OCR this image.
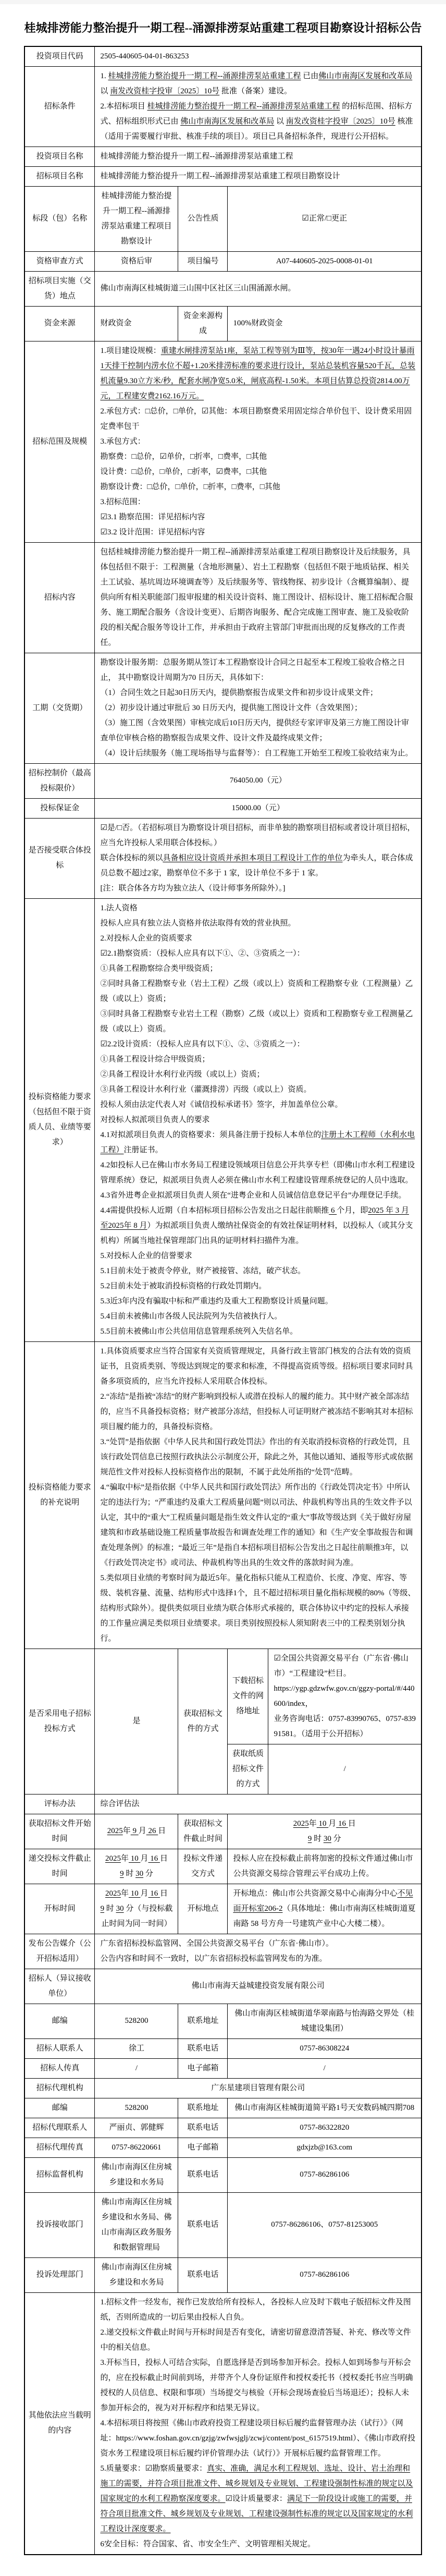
桂城排涝能力整治提升一期工程--涌源排涝泵站重建工程项目勘察设计招标公告
投资项目代码	2505-440605-04-01-863253			
招标条件	1. 桂城排涝能力整治提升一期工程--涌源排涝泵站重建工程 已由佛山市南海区发展和改革局 以 南发改资桂字投审〔2025〕10号 批准（备案）建设。
2.本招标项目 桂城排涝能力整治提升一期工程--涌源排涝泵站重建工程 的招标范围、招标方式、招标组织形式已由 佛山市南海区发展和改革局 以 南发改资桂字投审〔2025〕10号 核准（适用于需要履行审批、核准手续的项目）。项目已具备招标条件，现进行公开招标。			
投资项目名称	桂城排涝能力整治提升一期工程--涌源排涝泵站重建工程			
招标项目名称	桂城排涝能力整治提升一期工程--涌源排涝泵站重建工程项目勘察设计			
标段（包）名称	桂城排涝能力整治提升一期工程--涌源排涝泵站重建工程项目勘察设计	公告性质	☑正常/□更正	
资格审查方式	资格后审	项目编号	A07-440605-2025-0008-01-01	
招标项目实施（交货）地点	佛山市南海区桂城街道三山围中区社区三山围涌源水闸。			
资金来源	财政资金	资金来源构成	100%财政资金	
招标范围及规模	1.项目建设规模：重建水闸排涝泵站1座，泵站工程等别为Ⅲ等，按30年一遇24小时设计暴雨1天排干控制内涝水位不超+1.20米排涝标准的要求进行设计，泵站总装机容量520千瓦，总装机流量9.30立方米/秒，配套水闸净宽5.0米，闸底高程-1.50米。本项目估算总投资2814.00万元，工程建安费2162.16万元。
2.承包方式：□总价，□单价，☑其他：本项目勘察费采用固定综合单价包干、设计费采用固定费率包干
3.承包方式：
勘察费：□总价，☑单价，□折率，□费率，□其他
设计费：□总价，□单价，□折率，☑费率，□其他
勘察设计费：□总价，□单价，□折率，□费率，□其他
3.招标范围：
☑3.1 勘察范围：详见招标内容
☑3.2 设计范围：详见招标内容
招标内容	包括桂城排涝能力整治提升一期工程--涌源排涝泵站重建工程项目勘察设计及后续服务，具体包括但不限于：工程测量（含地形测量）、岩土工程勘察（包括但不限于地质钻探、相关土工试验、基坑周边环境调查等）及后续服务等、管线物探、初步设计（含概算编制）、提供向所有相关职能部门报审报建的相关设计资料、施工图设计、招标设计、施工招标配合服务、施工期配合服务（含设计变更）、后期咨询服务、配合完成施工图审查、施工及验收阶段的相关配合服务等设计工作，并承担由于政府主管部门审批而出现的反复修改的工作责任。			
工期（交货期）	勘察设计服务期：总服务期从签订本工程勘察设计合同之日起至本工程竣工验收合格之日止， 其中勘察设计周期为70 日历天，具体如下：
（1）合同生效之日起30日历天内，提供勘察报告成果文件和初步设计成果文件；
（2）初步设计通过审批后 30 日历天内，提供施工图设计文件（含效果图）；
（3）施工图（含效果图）审核完成后10日历天内，提供经专家评审及第三方施工图设计审查单位审核合格的勘察报告成果文件、设计文件及最终成果文件；
（4）设计后续服务（施工现场指导与监督等）：自工程施工开始至工程竣工验收结束为止。			
招标控制价（最高投标限价）	764050.00（元）			
投标保证金	15000.00（元）			
是否接受联合体投标	☑是/□否。（若招标项目为勘察设计项目招标，而非单独的勘察项目招标或者设计项目招标，应当允许投标人采用联合体投标。）
联合体投标的须以具备相应设计资质并承担本项目工程设计工作的单位为牵头人，联合体成员总数不超过2家，勘察单位不多于 1 家，设计单位不多于 1 家。
[注：联合体各方均为独立法人（设计师事务所除外）。]			
投标资格能力要求（包括但不限于资质人员、业绩等要求）	1.法人资格
投标人应具有独立法人资格并依法取得有效的营业执照。
2.对投标人企业的资质要求
☑2.1勘察资质：（投标人应具有以下①、②、③资质之一）：
①具备工程勘察综合类甲级资质；
②同时具备工程勘察专业（岩土工程）乙级（或以上）资质和工程勘察专业（工程测量）乙级（或以上）资质；
③同时具备工程勘察专业岩土工程（勘察）乙级（或以上）资质和工程勘察专业工程测量乙级（或以上）资质。
☑2.2设计资质：（投标人应具有以下①、②、③资质之一）：
①具备工程设计综合甲级资质；
②具备工程设计水利行业丙级（或以上）资质；
③具备工程设计水利行业（灌溉排涝）丙级（或以上）资质。
投标人须由法定代表人对《诚信投标承诺书》签字，并加盖单位公章。
对投标人拟派项目负责人的要求
4.1对拟派项目负责人的资格要求：须具备注册于投标人本单位的注册土木工程师（水利水电工程）注册证书。
4.2如投标人已在佛山市水务局工程建设领域项目信息公开共享专栏（即佛山市水利工程建设管理系统）登记，拟派项目负责人必须在佛山市水利工程建设管理系统登记的人员中选取。
4.3省外进粤企业拟派项目负责人须在“进粤企业和人员诚信信息登记平台”办理登记手续。
4.4需提供投标人近期（自本招标项目招标公告发出之日起往前顺推 6 个月，即2025 年 3 月至2025年 8 月）为拟派项目负责人缴纳社保资金的有效社保证明材料，以投标人（或其分支机构）所属当地社保管理部门出具的证明材料扫描件为准。
5.对投标人企业的信誉要求
5.1目前未处于被责令停业，财产被接管、冻结，破产状态。
5.2目前未处于被取消投标资格的行政处罚期内。
5.3近3年内没有骗取中标和严重违约及重大工程勘察设计质量问题。
5.4目前未被佛山市各级人民法院列为失信被执行人。
5.5目前未被佛山市公共信用信息管理系统列入失信名单。
投标资格能力要求的补充说明	1.具体资质要求应当符合国家有关资质管理规定，具备行政主管部门核发的合法有效的资质证书，且资质类别、等级达到规定的要求和标准，不得提高资质等级。招标项目要求同时具备多项资质的，应当允许投标人采用联合体投标。
2.“冻结”是指被“冻结”的财产影响到投标人或潜在投标人的履约能力。其中财产被全部冻结的，应当不具备投标资格；财产被部分冻结，但投标人可证明财产被冻结不影响其对本招标项目履约能力的，具备投标资格。
3.“处罚”是指依据《中华人民共和国行政处罚法》作出的有关取消投标资格的行政处罚，且该行政处罚信息已按照行政执法公示制度公开，除此之外，其他以通知、通报等形式或依据规范性文件对投标人投标资格作出的限制，不属于此处所指的“处罚”范畴。
4.“骗取中标”是指依据《中华人民共和国行政处罚法》所作出的《行政处罚决定书》中所认定的违法行为；“严重违约及重大工程质量问题”则以司法、仲裁机构等出具的生效文件予以认定，其中的“重大”工程质量问题是指生效文件认定的“重大”事故等级达到《关于做好房屋建筑和市政基础设施工程质量事故报告和调查处理工作的通知》和《生产安全事故报告和调查处理条例》的标准；“最近三年”是指自本招标项目招标公告发出之日起往前顺推3年，以《行政处罚决定书》或司法、仲裁机构等出具的生效文件的落款时间为准。
5.类似项目业绩的考察时间为最近5年。量化指标只能从工程造价、长度、净宽、库容、等级、装机容量、流量、结构形式中选择1个，且不超过招标项目量化指标规模的80%（等级、结构形式除外）。提供类似项目业绩为联合体形式承接的，联合体协议中约定的投标人承接的工作量应满足类似项目业绩要求。项目类别按照投标人须知附表三中的工程类别划分执行。			
是否采用电子招标投标方式	是	获取招标文件的方式	下载招标文件的网络地址	☑全国公共资源交易平台（广东省·佛山市）“工程建设”栏目。
https://ygp.gdzwfw.gov.cn/ggzy-portal/#/440600/index，
业务咨询电话：0757-83990765、0757-83991581。（适用于公开招标）
			获取纸质招标文件的方式	/
评标办法	综合评估法			
获取招标文件开始时间	2025年 9 月 26 日	获取招标文件截止时间	2025年 10 月 16 日
9 时 30 分	
递交投标文件截止时间	2025年 10 月 16 日
9 时 30 分	投标文件递交方式	投标人应在投标截止前将加密的投标文件通过佛山市公共资源交易综合管理云平台成功上传。	
开标时间	2025年 10 月 16 日
9 时 30 分（与投标截止时间为同一时间）	开标地点	开标地点：佛山市公共资源交易中心南海分中心不见面开标室206-2（具体地址：佛山市南海区桂城街道夏南路 58 号方舟一号建筑产业中心大楼二楼）。	
发布公告媒介（公开招标适用）	广东省招标投标监管网、全国公共资源交易平台（广东省·佛山市）。
公告内容和时间不一致时，以广东省招标投标监管网发布的为准。			
招标人（异议接收单位）	佛山市南海天益城建投资发展有限公司			
邮编	528200	联系地址	佛山市南海区桂城街道华翠南路与怡海路交界处（桂城建设集团）	
招标人联系人	徐工	联系电话	0757-86308224	
招标人传真	/	电子邮箱	/	
招标代理机构	广东星建项目管理有限公司			
邮编	528200	联系地址	佛山市南海区桂城街道简平路1号天安数码城四期708	
招标代理联系人	严丽贞、郭健辉	联系电话	0757-86322820	
招标代理传真	0757-86220661	电子邮箱	gdxjzb@163.com	
招标监督机构	佛山市南海区住房城乡建设和水务局	联系电话	0757-86286106	
投诉接收部门	佛山市南海区住房城乡建设和水务局、佛山市南海区政务服务和数据管理局	联系电话	0757-86286106、0757-81253005	
投诉处理部门	佛山市南海区住房城乡建设和水务局	联系电话	0757-86286106	
其他依法应当载明的内容	1.招标文件一经发布，视作已发放给所有投标人，各投标人应及时下载电子版招标文件及图纸，否则所造成的一切后果由投标人自负。
2.递交投标文件截止时间与开标时间是否有变化，请密切留意澄清答疑、补充、修改等文件中的相关信息。
3.开标当日，投标人可结合实际，自愿选择是否到场参加开标会。投标人如到场参与开标会的，应在投标截止时间前到场，并带齐个人身份证原件和授权委托书（授权委托书应当明确授权的人员信息、权限和事项）当场提交与核验（开标会现场查验后当场退还）；投标人未参加开标会的，视为对开标程序和结果无异议。
4.本招标项目将按照《佛山市政府投资工程建设项目标后履约监督管理办法（试行）》（网址：https://www.foshan.gov.cn/gzjg/zwfwsjglj/zcwj/content/post_6157519.html）、《佛山市政府投资水务工程建设项目标后履约评价管理办法（试行）》开展标后履约监督管理工作。
5.质量要求：☑勘察质量要求：真实、准确，满足水利工程规划、选址、设计、岩土治理和施工的需要，并符合项目批准文件、城乡规划及专业规划、工程建设强制性标准的规定以及国家规定的水利工程勘察深度要求。☑设计质量要求：满足下一阶段设计或施工的需要，并符合项目批准文件、城乡规划及专业规划、工程建设强制性标准的规定以及国家规定的水利工程设计深度要求。
6安全目标：符合国家、省、市安全生产、文明管理相关规定。
